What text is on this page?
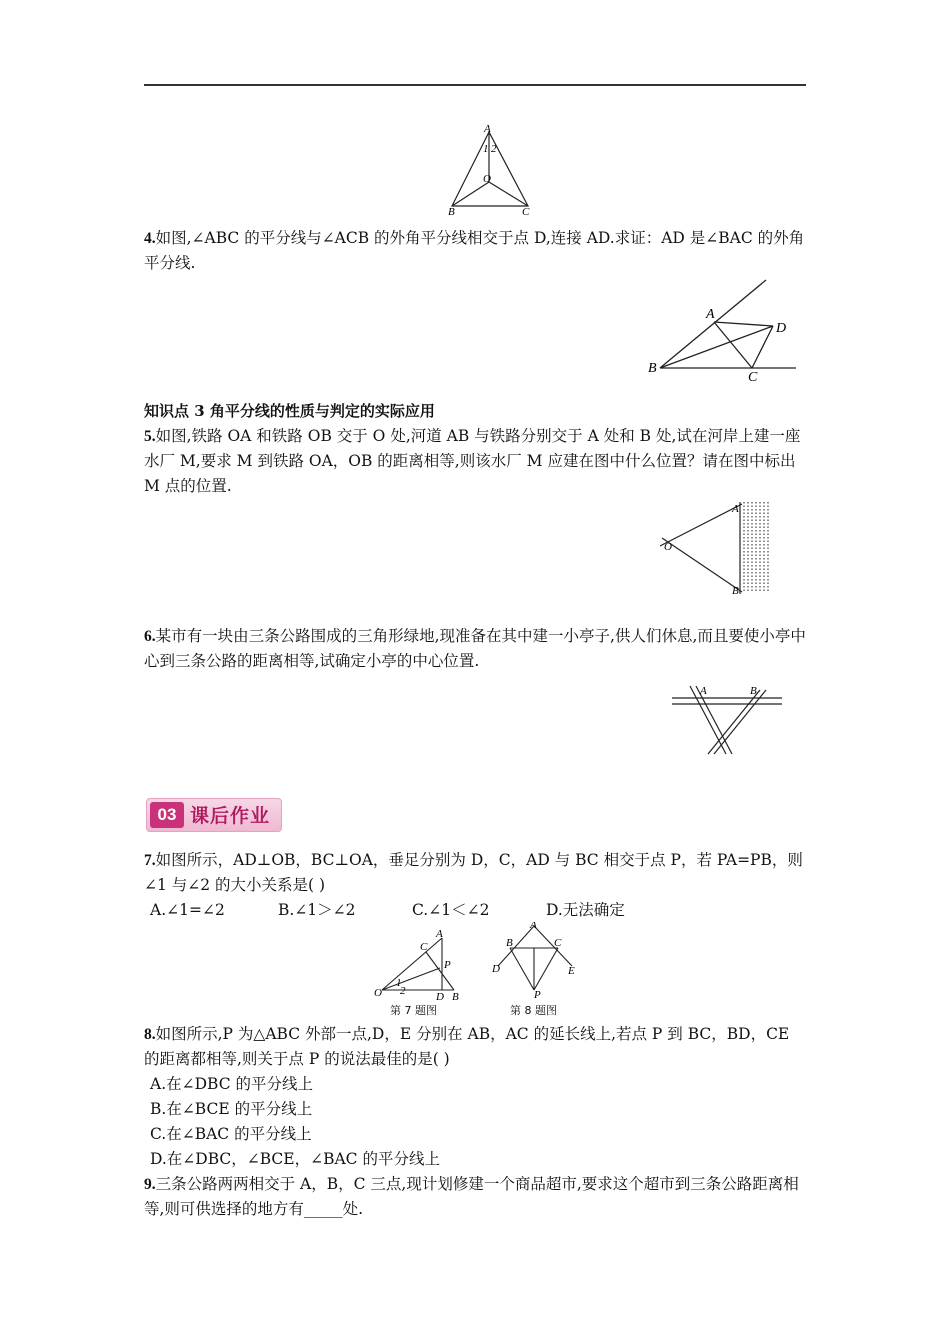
A
1 2
O
B	C
4.如图,∠ABC 的平分线与∠ACB 的外角平分线相交于点 D,连接 AD.求证：AD 是∠BAC 的外角平分线.
A
D
B
C
知识点 3 角平分线的性质与判定的实际应用
5.如图,铁路 OA 和铁路 OB 交于 O 处,河道 AB 与铁路分别交于 A 处和 B 处,试在河岸上建一座水厂 M,要求 M 到铁路 OA，OB 的距离相等,则该水厂 M 应建在图中什么位置？请在图中标出 M 点的位置.
A
O
B
6.某市有一块由三条公路围成的三角形绿地,现准备在其中建一小亭子,供人们休息,而且要使小亭中心到三条公路的距离相等,试确定小亭的中心位置.
A	B
03 课后作业
7.如图所示，AD⊥OB，BC⊥OA，垂足分别为 D，C，AD 与 BC 相交于点 P，若 PA=PB，则∠1 与∠2 的大小关系是( )
A.∠1=∠2	B.∠1＞∠2	C.∠1＜∠2	D.无法确定
A
C
P
O
1
2	D B
第 7 题图
A
B	C
D	E
P
第 8 题图
8.如图所示,P 为△ABC 外部一点,D，E 分别在 AB，AC 的延长线上,若点 P 到 BC，BD，CE 的距离都相等,则关于点 P 的说法最佳的是( )
A.在∠DBC 的平分线上
B.在∠BCE 的平分线上
C.在∠BAC 的平分线上
D.在∠DBC，∠BCE，∠BAC 的平分线上
9.三条公路两两相交于 A，B，C 三点,现计划修建一个商品超市,要求这个超市到三条公路距离相等,则可供选择的地方有_____处.
